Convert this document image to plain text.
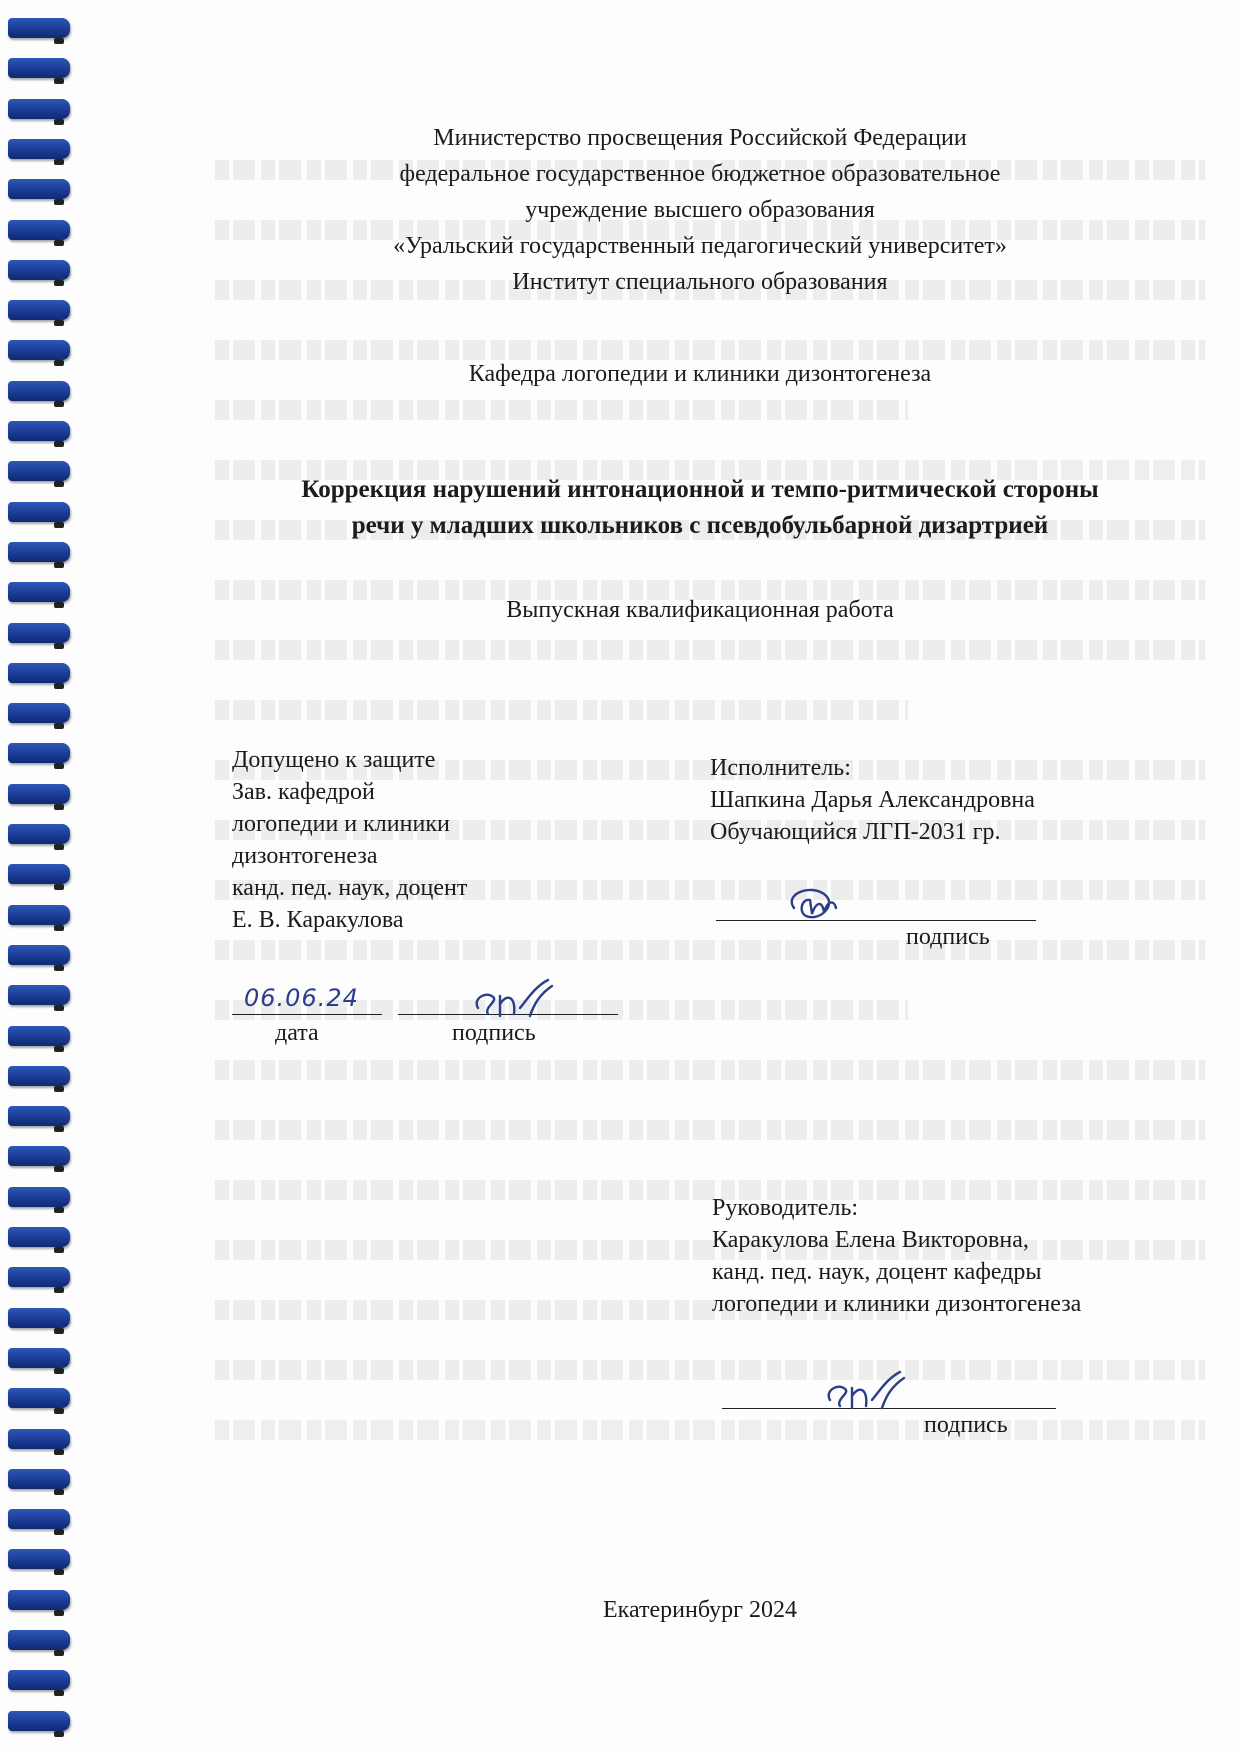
Министерство просвещения Российской Федерации
федеральное государственное бюджетное образовательное
учреждение высшего образования
«Уральский государственный педагогический университет»
Институт специального образования
Кафедра логопедии и клиники дизонтогенеза
Коррекция нарушений интонационной и темпо-ритмической стороны
речи у младших школьников с псевдобульбарной дизартрией
Выпускная квалификационная работа
Допущено к защите
Зав. кафедрой
логопедии и клиники
дизонтогенеза
канд. пед. наук, доцент
Е. В. Каракулова
06.06.24
дата	подпись
Исполнитель:
Шапкина Дарья Александровна
Обучающийся ЛГП-2031 гр.
подпись
Руководитель:
Каракулова Елена Викторовна,
канд. пед. наук, доцент кафедры
логопедии и клиники дизонтогенеза
подпись
Екатеринбург 2024
